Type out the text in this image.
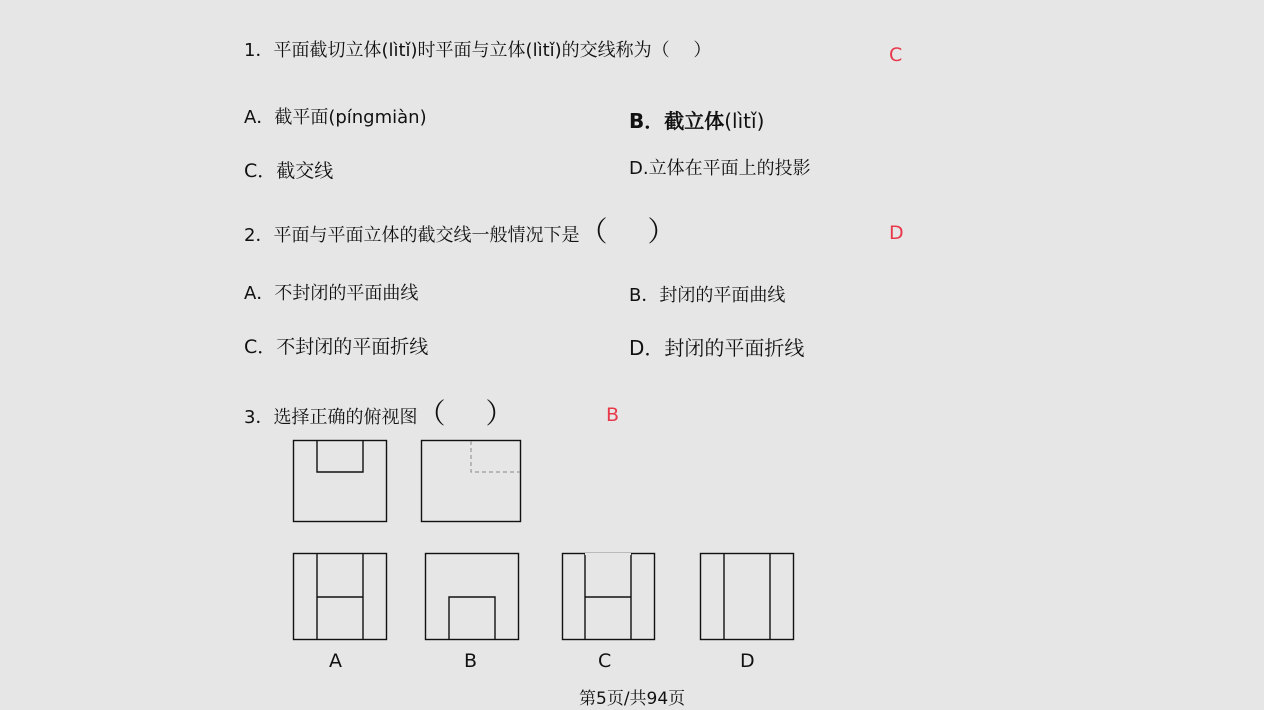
1．平面截切立体(lìtǐ)时平面与立体(lìtǐ)的交线称为（　 ）	C
A．截平面(píngmiàn)	B．截立体(lìtǐ)
C．截交线	D.立体在平面上的投影
2．平面与平面立体的截交线一般情况下是（ ）	D
A．不封闭的平面曲线	B．封闭的平面曲线
C．不封闭的平面折线	D．封闭的平面折线
3．选择正确的俯视图（ ）	B
A	B	C	D
第5页/共94页
